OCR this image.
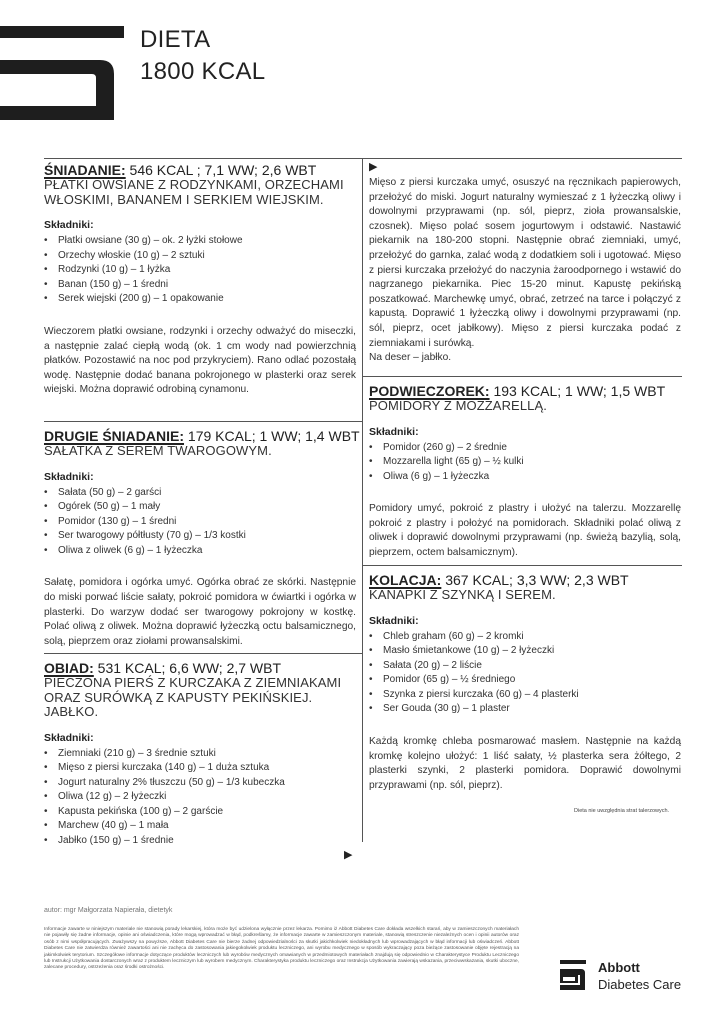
DIETA
1800 KCAL
ŚNIADANIE: 546 KCAL ; 7,1 WW; 2,6 WBT
PŁATKI OWSIANE Z RODZYNKAMI, ORZECHAMI WŁOSKIMI, BANANEM I SERKIEM WIEJSKIM.
Składniki:
• Płatki owsiane (30 g) – ok. 2 łyżki stołowe
• Orzechy włoskie (10 g) – 2 sztuki
• Rodzynki (10 g) – 1 łyżka
• Banan (150 g) – 1 średni
• Serek wiejski (200 g) – 1 opakowanie
Wieczorem płatki owsiane, rodzynki i orzechy odważyć do miseczki, a następnie zalać ciepłą wodą (ok. 1 cm wody nad powierzchnią płatków. Pozostawić na noc pod przykryciem). Rano odlać pozostałą wodę. Następnie dodać banana pokrojonego w plasterki oraz serek wiejski. Można doprawić odrobiną cynamonu.
DRUGIE ŚNIADANIE: 179 KCAL; 1 WW; 1,4 WBT
SAŁATKA Z SEREM TWAROGOWYM.
Składniki:
• Sałata (50 g) – 2 garści
• Ogórek (50 g) – 1 mały
• Pomidor (130 g) – 1 średni
• Ser twarogowy półtłusty (70 g) – 1/3 kostki
• Oliwa z oliwek (6 g) – 1 łyżeczka
Sałatę, pomidora i ogórka umyć. Ogórka obrać ze skórki. Następnie do miski porwać liście sałaty, pokroić pomidora w ćwiartki i ogórka w plasterki. Do warzyw dodać ser twarogowy pokrojony w kostkę. Polać oliwą z oliwek. Można doprawić łyżeczką octu balsamicznego, solą, pieprzem oraz ziołami prowansalskimi.
OBIAD: 531 KCAL; 6,6 WW; 2,7 WBT
PIECZONA PIERŚ Z KURCZAKA Z ZIEMNIAKAMI ORAZ SURÓWKĄ Z KAPUSTY PEKIŃSKIEJ. JABŁKO.
Składniki:
• Ziemniaki (210 g) – 3 średnie sztuki
• Mięso z piersi kurczaka (140 g) – 1 duża sztuka
• Jogurt naturalny 2% tłuszczu (50 g) – 1/3 kubeczka
• Oliwa (12 g) – 2 łyżeczki
• Kapusta pekińska (100 g) – 2 garście
• Marchew (40 g) – 1 mała
• Jabłko (150 g) – 1 średnie
▶
▶
Mięso z piersi kurczaka umyć, osuszyć na ręcznikach papierowych, przełożyć do miski. Jogurt naturalny wymieszać z 1 łyżeczką oliwy i dowolnymi przyprawami (np. sól, pieprz, zioła prowansalskie, czosnek). Mięso polać sosem jogurtowym i odstawić. Nastawić piekarnik na 180-200 stopni. Następnie obrać ziemniaki, umyć, przełożyć do garnka, zalać wodą z dodatkiem soli i ugotować. Mięso z piersi kurczaka przełożyć do naczynia żaroodpornego i wstawić do nagrzanego piekarnika. Piec 15-20 minut. Kapustę pekińską poszatkować. Marchewkę umyć, obrać, zetrzeć na tarce i połączyć z kapustą. Doprawić 1 łyżeczką oliwy i dowolnymi przyprawami (np. sól, pieprz, ocet jabłkowy). Mięso z piersi kurczaka podać z ziemniakami i surówką.
Na deser – jabłko.
PODWIECZOREK: 193 KCAL; 1 WW; 1,5 WBT
POMIDORY Z MOZZARELLĄ.
Składniki:
• Pomidor (260 g) – 2 średnie
• Mozzarella light (65 g) – ½ kulki
• Oliwa (6 g) – 1 łyżeczka
Pomidory umyć, pokroić z plastry i ułożyć na talerzu. Mozzarellę pokroić z plastry i położyć na pomidorach. Składniki polać oliwą z oliwek i doprawić dowolnymi przyprawami (np. świeżą bazylią, solą, pieprzem, octem balsamicznym).
KOLACJA: 367 KCAL; 3,3 WW; 2,3 WBT
KANAPKI Z SZYNKĄ I SEREM.
Składniki:
• Chleb graham (60 g) – 2 kromki
• Masło śmietankowe (10 g) – 2 łyżeczki
• Sałata (20 g) – 2 liście
• Pomidor (65 g) – ½ średniego
• Szynka z piersi kurczaka (60 g) – 4 plasterki
• Ser Gouda (30 g) – 1 plaster
Każdą kromkę chleba posmarować masłem. Następnie na każdą kromkę kolejno ułożyć: 1 liść sałaty, ½ plasterka sera żółtego, 2 plasterki szynki, 2 plasterki pomidora. Doprawić dowolnymi przyprawami (np. sól, pieprz).
Dieta nie uwzględnia strat talerzowych.
autor: mgr Małgorzata Napierała, dietetyk
Informacje zawarte w niniejszym materiale nie stanowią porady lekarskiej, która może być udzielona wyłącznie przez lekarza. Pomimo iż Abbott Diabetes Care dokłada wszelkich starań, aby w zamieszczonych materiałach nie pojawiły się żadne informacje, opinie ani oświadczenia, które mogą wprowadzać w błąd, podkreślamy, że informacje zawarte w zamieszczonym materiale, stanowią streszczenie niezależnych ocen i opinii autorów oraz osób z nimi współpracujących. Zważywszy na powyższe, Abbott Diabetes Care nie bierze żadnej odpowiedzialności za skutki jakichkolwiek niedokładnych lub wprowadzających w błąd informacji lub oświadczeń. Abbott Diabetes Care nie zatwierdza również zawartości ani nie zachęca do zastosowania jakiegokolwiek produktu leczniczego, ani wyrobu medycznego w sposób wykraczający poza bieżące zastosowanie objęte rejestracją na jakimkolwiek terytorium. Szczegółowe informacje dotyczące produktów leczniczych lub wyrobów medycznych omawianych w przedmiotowych materiałach znajdują się odpowiednio w Charakterystyce Produktu Leczniczego lub Instrukcji Użytkowania dostarczonych wraz z produktem leczniczym lub wyrobem medycznym. Charakterystyka produktu leczniczego oraz Instrukcja Użytkowania zawierają wskazania, przeciwwskazania, skutki uboczne, zalecane procedury, ostrzeżenia oraz środki ostrożności.	Abbott
Diabetes Care
